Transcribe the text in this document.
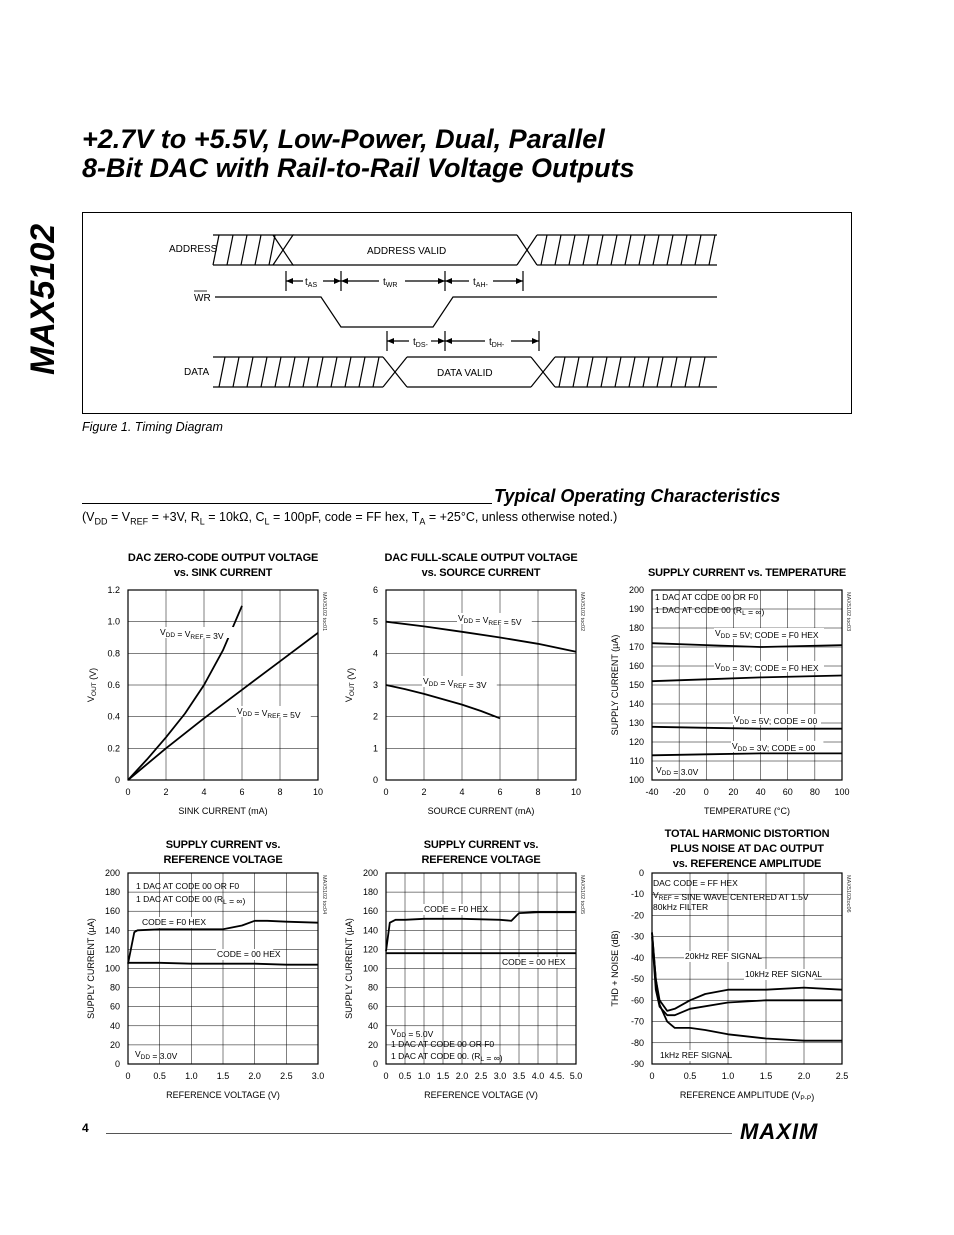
MAX5102
+2.7V to +5.5V, Low-Power, Dual, Parallel
8-Bit DAC with Rail-to-Rail Voltage Outputs
ADDRESS
WR
DATA
ADDRESS VALID
DATA VALID
$t_{AS}$	$t_{WR}$	$t_{AH-}$
$t_{DS-}$	$t_{DH-}$
Figure 1. Timing Diagram
Typical Operating Characteristics
($V_{DD} = V_{REF} = +3V$, $R_L = 10k\Omega$, $C_L = 100pF$, code = FF hex, $T_A = +25^\circ C$, unless otherwise noted.)
DAC ZERO-CODE OUTPUT VOLTAGE
vs. SINK CURRENT
0	2	4	6	8	10
0
0.2
0.4
0.6
0.8
1.0
1.2
SINK CURRENT (mA)
$V_{OUT}$ (V)
MAX5102 toc01
$V_{DD} = V_{REF} = 3V$
$V_{DD} = V_{REF} = 5V$
DAC FULL-SCALE OUTPUT VOLTAGE
vs. SOURCE CURRENT
0	2	4	6	8	10
0
1
2
3
4
5
6
SOURCE CURRENT (mA)
$V_{OUT}$ (V)
MAX5102 toc02
$V_{DD} = V_{REF} = 5V$
$V_{DD} = V_{REF} = 3V$
SUPPLY CURRENT vs. TEMPERATURE
-40 -20 0 20 40 60 80 100
100
110
120
130
140
150
160
170
180
190
200
TEMPERATURE (°C)
SUPPLY CURRENT (µA)
MAX5102 toc03
$V_{DD} = 5V$; CODE = F0 HEX
$V_{DD} = 3V$; CODE = F0 HEX
$V_{DD} = 5V$; CODE = 00
$V_{DD} = 3V$; CODE = 00
1 DAC AT CODE 00 OR F0
1 DAC AT CODE 00 ($R_L$ = ∞)
$V_{DD} = 3.0V$
SUPPLY CURRENT vs.
REFERENCE VOLTAGE
0	0.5 1.0 1.5 2.0 2.5 3.0
0
20
40
60
80
100
120
140
160
180
200
REFERENCE VOLTAGE (V)
SUPPLY CURRENT (µA)
MAX5102 toc04
CODE = F0 HEX
CODE = 00 HEX
1 DAC AT CODE 00 OR F0
1 DAC AT CODE 00 ($R_L$ = ∞)
$V_{DD} = 3.0V$
SUPPLY CURRENT vs.
REFERENCE VOLTAGE
0 0.5 1.0 1.5 2.0 2.5 3.0 3.5 4.0 4.5. 5.0
0
20
40
60
80
100
120
140
160
180
200
REFERENCE VOLTAGE (V)
SUPPLY CURRENT (µA)
MAX5102 toc05
CODE = F0 HEX
CODE = 00 HEX
$V_{DD} = 5.0V$
1 DAC AT CODE 00 OR F0
1 DAC AT CODE 00. ($R_L$ = ∞)
TOTAL HARMONIC DISTORTION
PLUS NOISE AT DAC OUTPUT
vs. REFERENCE AMPLITUDE
0	0.5	1.0	1.5	2.0	2.5
-90
-80
-70
-60
-50
-40
-30
-20
-10
0
REFERENCE AMPLITUDE $(V_{P-P})$
THD + NOISE (dB)
MAX5102toc06
20kHz REF SIGNAL
10kHz REF SIGNAL
1kHz REF SIGNAL
DAC CODE = FF HEX
$V_{REF}$ = SINE WAVE CENTERED AT 1.5V
80kHz FILTER
4	MAXIM
